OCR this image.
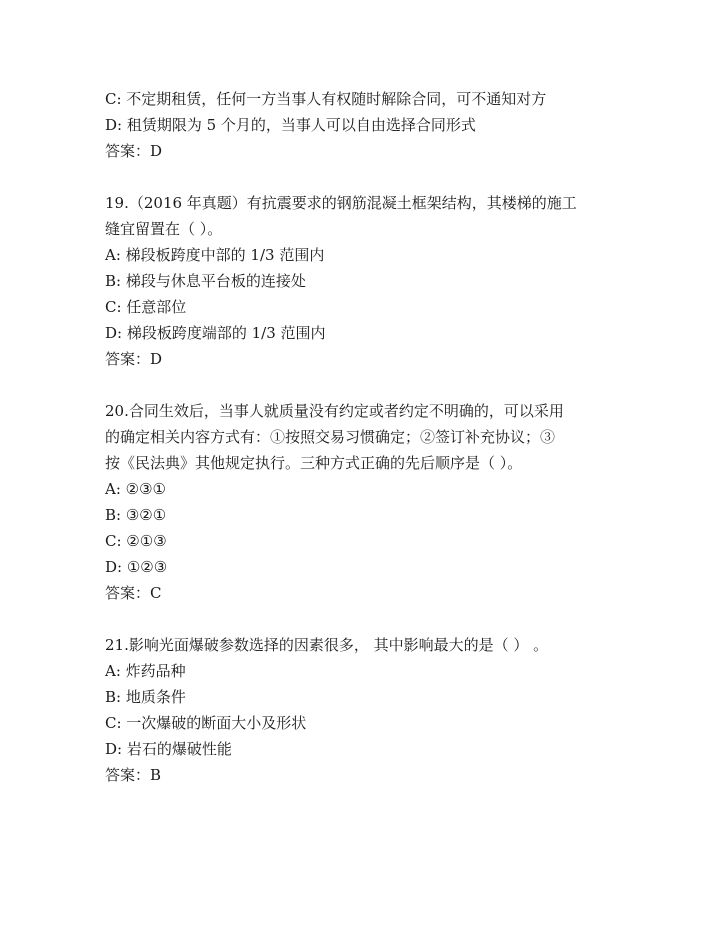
C: 不定期租赁，任何一方当事人有权随时解除合同，可不通知对方
D: 租赁期限为 5 个月的，当事人可以自由选择合同形式
答案：D
19.（2016 年真题）有抗震要求的钢筋混凝土框架结构，其楼梯的施工
缝宜留置在（ ）。
A: 梯段板跨度中部的 1/3 范围内
B: 梯段与休息平台板的连接处
C: 任意部位
D: 梯段板跨度端部的 1/3 范围内
答案：D
20.合同生效后，当事人就质量没有约定或者约定不明确的，可以采用
的确定相关内容方式有：①按照交易习惯确定；②签订补充协议；③
按《民法典》其他规定执行。三种方式正确的先后顺序是（ ）。
A: ②③①
B: ③②①
C: ②①③
D: ①②③
答案：C
21.影响光面爆破参数选择的因素很多， 其中影响最大的是（ ） 。
A: 炸药品种
B: 地质条件
C: 一次爆破的断面大小及形状
D: 岩石的爆破性能
答案：B
